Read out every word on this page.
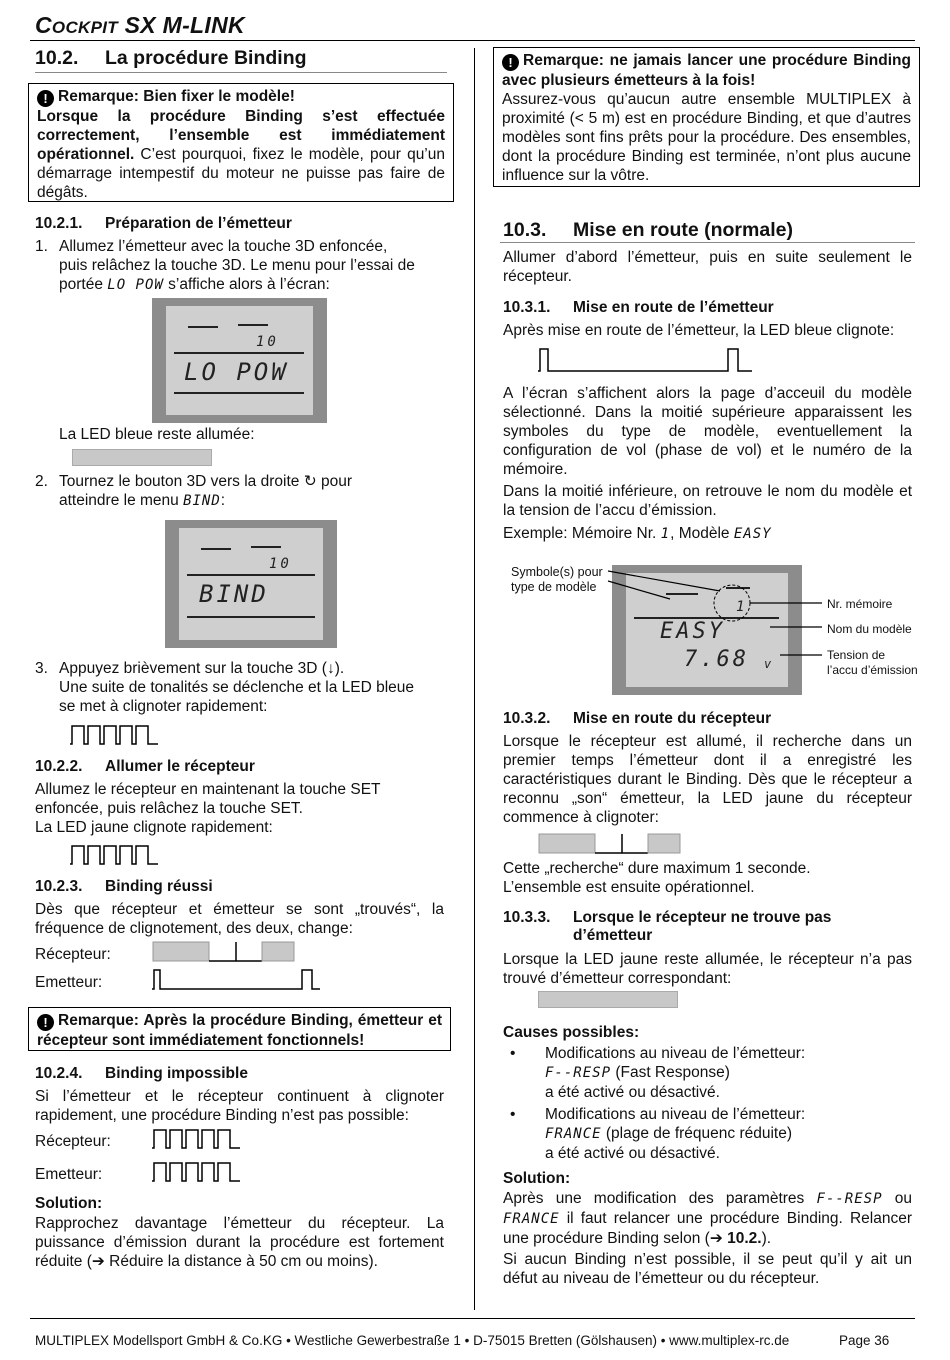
COCKPIT SX M-LINK
10.2. La procédure Binding
! Remarque: Bien fixer le modèle!
Lorsque la procédure Binding s’est effectuée correctement, l’ensemble est immédiatement opérationnel. C’est pourquoi, fixez le modèle, pour qu’un démarrage intempestif du moteur ne puisse pas faire de dégâts.
10.2.1. Préparation de l’émetteur
1. Allumez l’émetteur avec la touche 3D enfoncée,
puis relâchez la touche 3D. Le menu pour l’essai de
portée LO POW s’affiche alors à l’écran:
10
LO POW
La LED bleue reste allumée:
2. Tournez le bouton 3D vers la droite ↻ pour
atteindre le menu BIND:
10
BIND
3. Appuyez brièvement sur la touche 3D (↓).
Une suite de tonalités se déclenche et la LED bleue
se met à clignoter rapidement:
10.2.2. Allumer le récepteur
Allumez le récepteur en maintenant la touche SET
enfoncée, puis relâchez la touche SET.
La LED jaune clignote rapidement:
10.2.3. Binding réussi
Dès que récepteur et émetteur se sont „trouvés“, la fréquence de clignotement, des deux, change:
Récepteur:
Emetteur:
! Remarque: Après la procédure Binding, émetteur et récepteur sont immédiatement fonctionnels!
10.2.4. Binding impossible
Si l’émetteur et le récepteur continuent à clignoter rapidement, une procédure Binding n’est pas possible:
Récepteur:
Emetteur:
Solution:
Rapprochez davantage l’émetteur du récepteur. La puissance d’émission durant la procédure est fortement réduite (➔ Réduire la distance à 50 cm ou moins).
! Remarque: ne jamais lancer une procédure Binding avec plusieurs émetteurs à la fois!
Assurez-vous qu’aucun autre ensemble MULTIPLEX à proximité (< 5 m) est en procédure Binding, et que d’autres modèles sont fins prêts pour la procédure. Des ensembles, dont la procédure Binding est terminée, n’ont plus aucune influence sur la vôtre.
10.3. Mise en route (normale)
Allumer d’abord l’émetteur, puis en suite seulement le récepteur.
10.3.1. Mise en route de l’émetteur
Après mise en route de l’émetteur, la LED bleue clignote:
A l’écran s’affichent alors la page d’acceuil du modèle sélectionné. Dans la moitié supérieure apparaissent les symboles du type de modèle, eventuellement la configuration de vol (phase de vol) et le numéro de la mémoire.
Dans la moitié inférieure, on retrouve le nom du modèle et la tension de l’accu d’émission.
Exemple: Mémoire Nr. 1, Modèle EASY
1
EASY
7.68 v
Symbole(s) pour type de modèle
Nr. mémoire
Nom du modèle
Tension de l’accu d’émission
10.3.2. Mise en route du récepteur
Lorsque le récepteur est allumé, il recherche dans un premier temps l’émetteur dont il a enregistré les caractéristiques durant le Binding. Dès que le récepteur a reconnu „son“ émetteur, la LED jaune du récepteur commence à clignoter:
Cette „recherche“ dure maximum 1 seconde.
L’ensemble est ensuite opérationnel.
10.3.3. Lorsque le récepteur ne trouve pas
d’émetteur
Lorsque la LED jaune reste allumée, le récepteur n’a pas trouvé d’émetteur correspondant:
Causes possibles:
•	Modifications au niveau de l’émetteur:
F--RESP (Fast Response)
a été activé ou désactivé.
•	Modifications au niveau de l’émetteur:
FRANCE (plage de fréquenc réduite)
a été activé ou désactivé.
Solution:
Après une modification des paramètres F--RESP ou FRANCE il faut relancer une procédure Binding. Relancer une procédure Binding selon (➔ 10.2.).
Si aucun Binding n’est possible, il se peut qu’il y ait un défut au niveau de l’émetteur ou du récepteur.
MULTIPLEX Modellsport GmbH & Co.KG • Westliche Gewerbestraße 1 • D-75015 Bretten (Gölshausen) • www.multiplex-rc.de	Page 36
